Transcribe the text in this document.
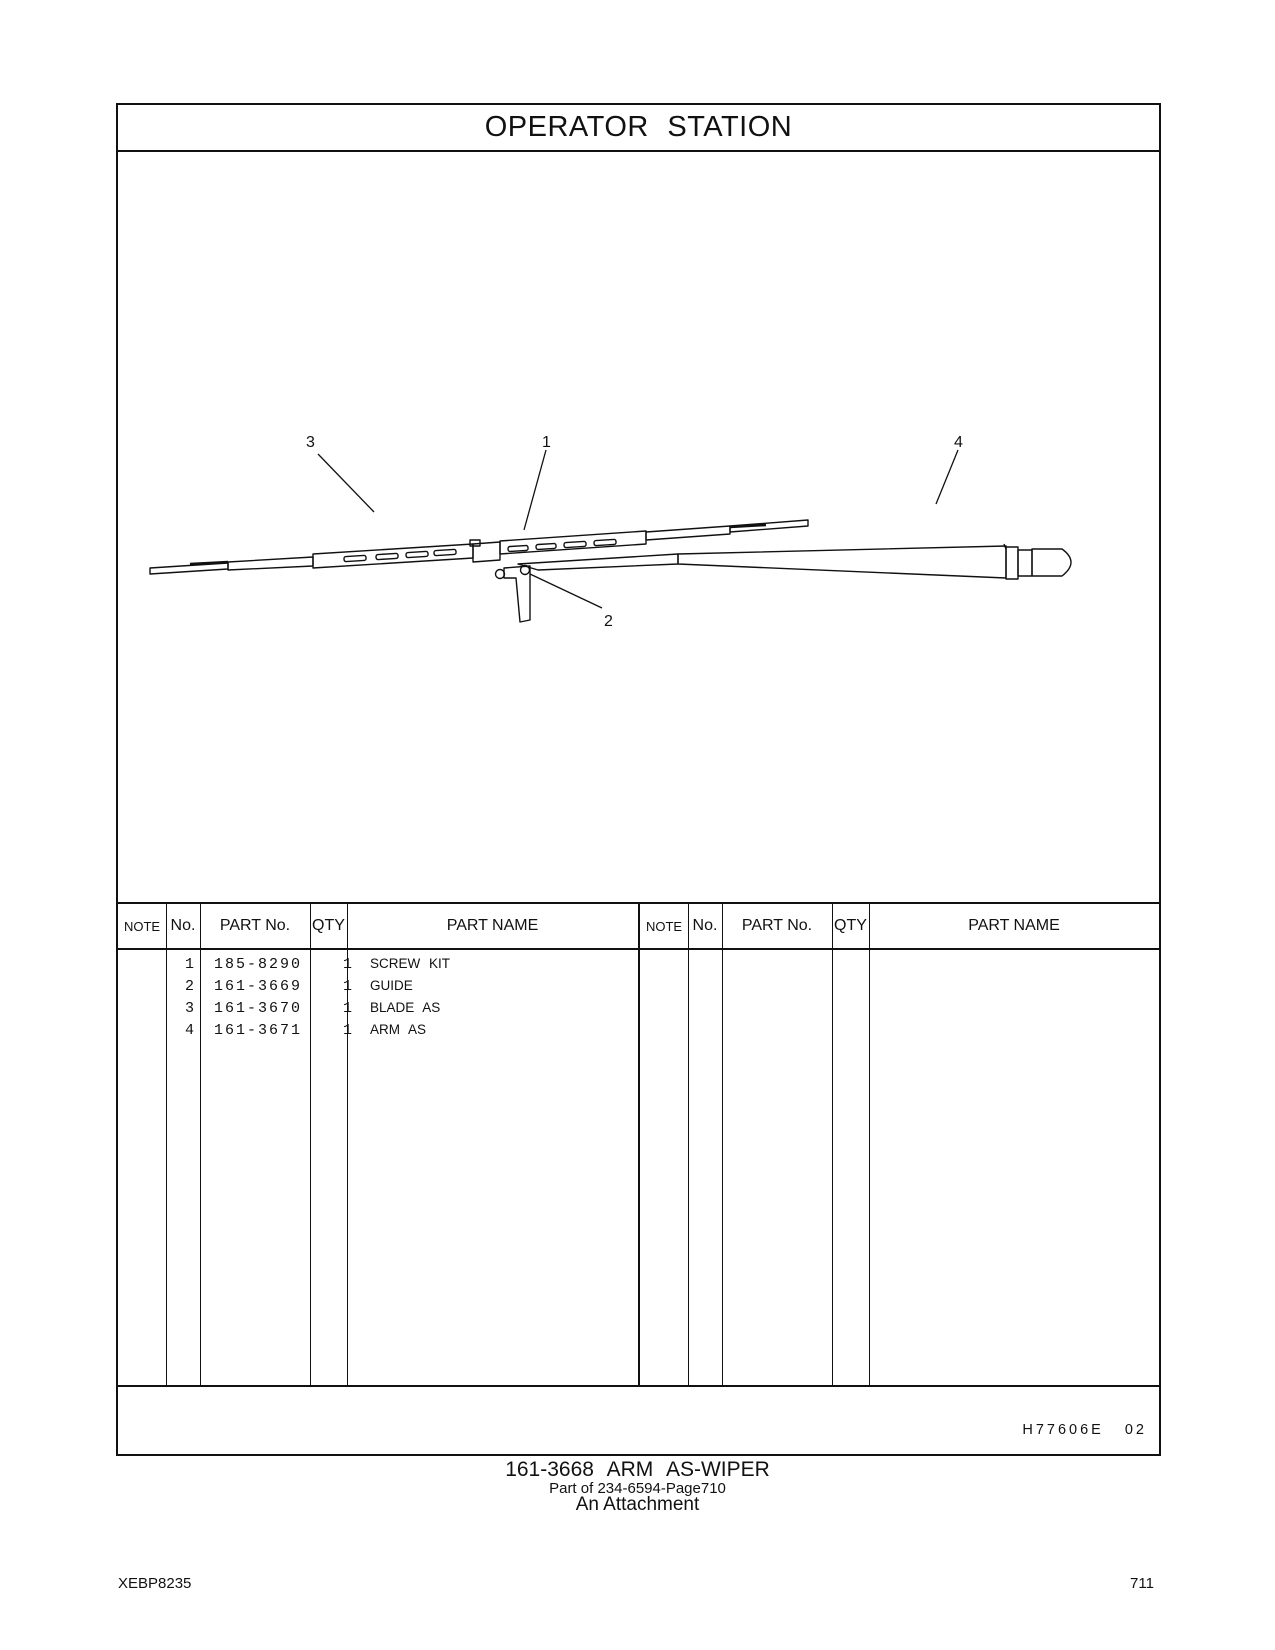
OPERATOR STATION
3	1	4
2
NOTE No.	PART No.	QTY	PART NAME
1	185-8290	1 SCREW KIT
2	161-3669	1 GUIDE
3	161-3670	1 BLADE AS
4	161-3671	1 ARM AS
NOTE No.	PART No.	QTY	PART NAME
H77606E 02
161-3668 ARM AS-WIPER
Part of 234-6594-Page710
An Attachment
XEBP8235	711
